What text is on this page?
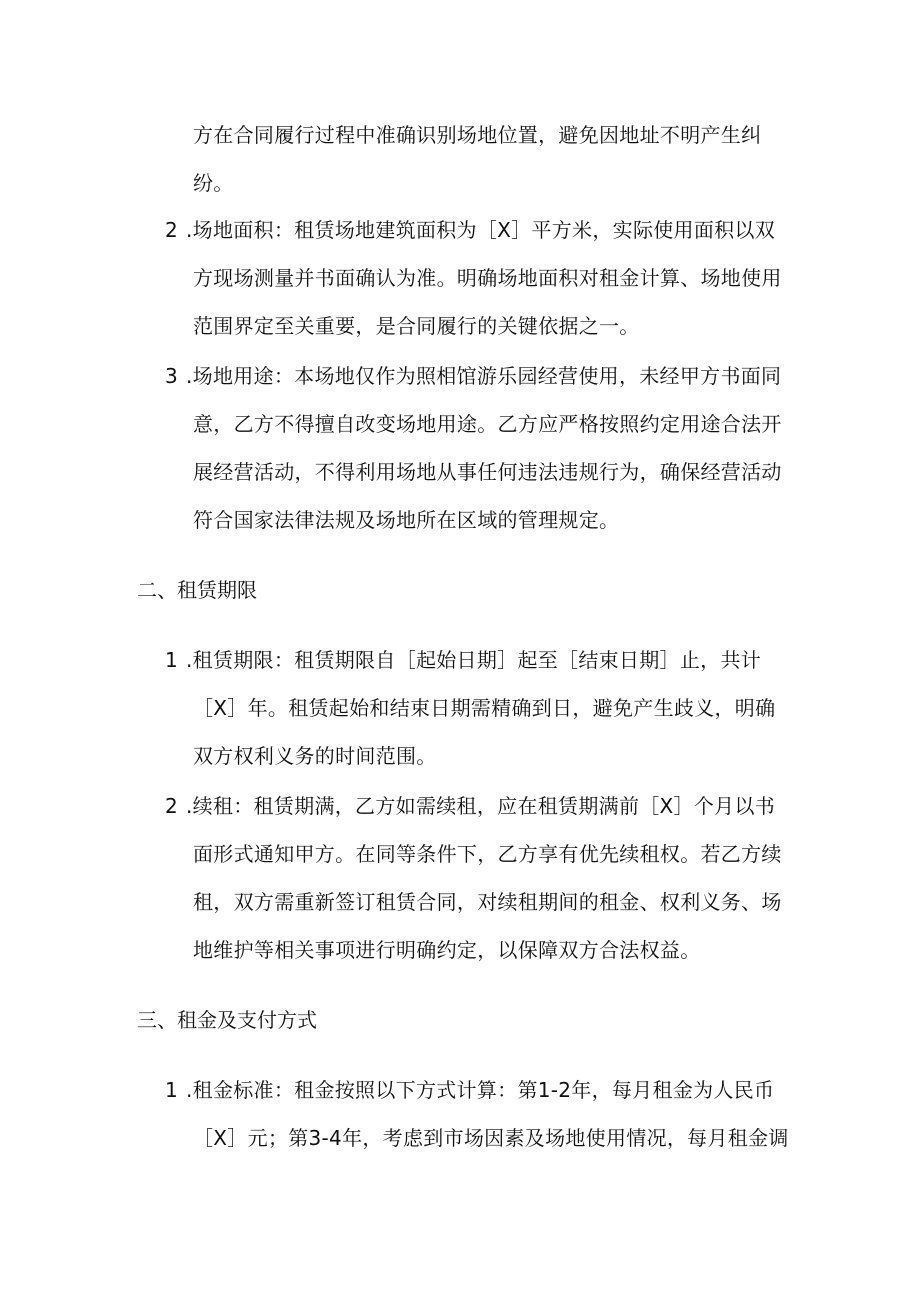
方在合同履行过程中准确识别场地位置，避免因地址不明产生纠
纷。
2 .场地面积：租赁场地建筑面积为［X］平方米，实际使用面积以双
方现场测量并书面确认为准。明确场地面积对租金计算、场地使用
范围界定至关重要，是合同履行的关键依据之一。
3 .场地用途：本场地仅作为照相馆游乐园经营使用，未经甲方书面同
意，乙方不得擅自改变场地用途。乙方应严格按照约定用途合法开
展经营活动，不得利用场地从事任何违法违规行为，确保经营活动
符合国家法律法规及场地所在区域的管理规定。
二、租赁期限
1 .租赁期限：租赁期限自［起始日期］起至［结束日期］止，共计
［X］年。租赁起始和结束日期需精确到日，避免产生歧义，明确
双方权利义务的时间范围。
2 .续租：租赁期满，乙方如需续租，应在租赁期满前［X］个月以书
面形式通知甲方。在同等条件下，乙方享有优先续租权。若乙方续
租，双方需重新签订租赁合同，对续租期间的租金、权利义务、场
地维护等相关事项进行明确约定，以保障双方合法权益。
三、租金及支付方式
1 .租金标准：租金按照以下方式计算：第1-2年，每月租金为人民币
［X］元；第3-4年，考虑到市场因素及场地使用情况，每月租金调
